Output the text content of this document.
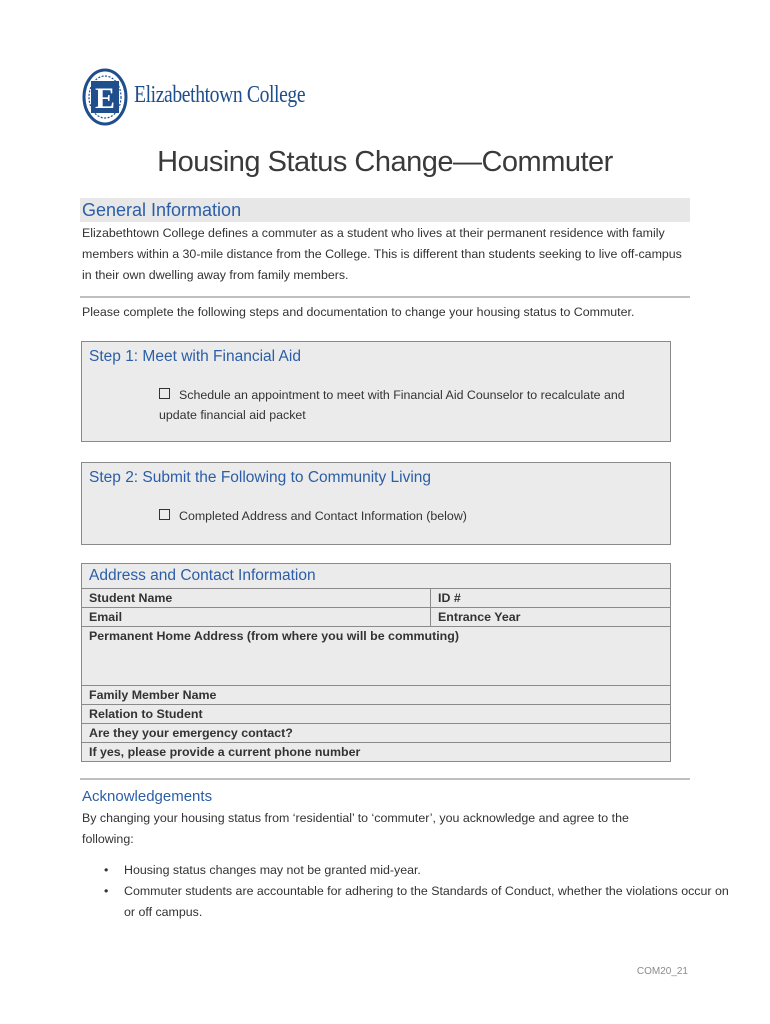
E Elizabethtown College
Housing Status Change—Commuter
General Information
Elizabethtown College defines a commuter as a student who lives at their permanent residence with family members within a 30-mile distance from the College. This is different than students seeking to live off-campus in their own dwelling away from family members.
Please complete the following steps and documentation to change your housing status to Commuter.
Step 1: Meet with Financial Aid
Schedule an appointment to meet with Financial Aid Counselor to recalculate and update financial aid packet
Step 2: Submit the Following to Community Living
Completed Address and Contact Information (below)
Address and Contact Information	
Student Name	ID #
Email	Entrance Year
Permanent Home Address (from where you will be commuting)	
Family Member Name	
Relation to Student	
Are they your emergency contact?	
If yes, please provide a current phone number	
Acknowledgements
By changing your housing status from ‘residential’ to ‘commuter’, you acknowledge and agree to the following:
• Housing status changes may not be granted mid-year.
• Commuter students are accountable for adhering to the Standards of Conduct, whether the violations occur on or off campus.
COM20_21
